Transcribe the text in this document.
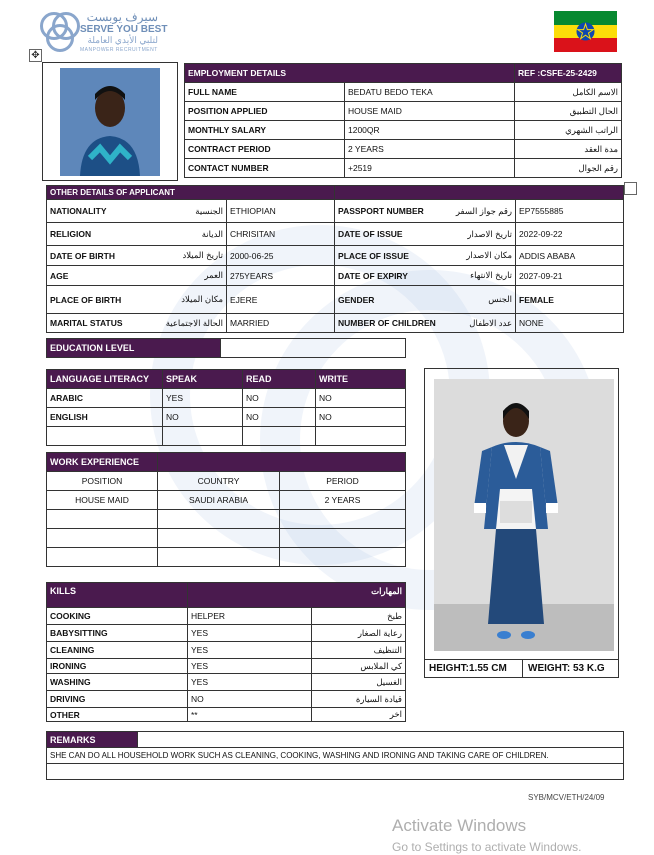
سيرف يوبست
SERVE YOU BEST
لتلبي الأيدي العاملة
MANPOWER RECRUITMENT
✥
EMPLOYMENT DETAILS		REF :CSFE-25-2429
FULL NAME	BEDATU BEDO TEKA	الاسم الكامل
POSITION APPLIED	HOUSE MAID	الحال التطبيق
MONTHLY SALARY	1200QR	الراتب الشهري
CONTRACT PERIOD	2 YEARS	مدة العقد
CONTACT NUMBER	+2519	رقم الجوال
OTHER DETAILS OF APPLICANT					
NATIONALITY	الجنسية	ETHIOPIAN	PASSPORT NUMBER	رقم جواز السفر	EP7555885
RELIGION	الديانة	CHRISITAN	DATE OF ISSUE	تاريخ الاصدار	2022-09-22
DATE OF BIRTH	تاريخ الميلاد	2000-06-25	PLACE OF ISSUE	مكان الاصدار	ADDIS ABABA
AGE	العمر	275YEARS	DATE OF EXPIRY	تاريخ الانتهاء	2027-09-21
PLACE OF BIRTH	مكان الميلاد	EJERE	GENDER	الجنس	FEMALE
MARITAL STATUS	الحالة الاجتماعية	MARRIED	NUMBER OF CHILDREN	عدد الاطفال	NONE
EDUCATION LEVEL	
LANGUAGE LITERACY	SPEAK	READ	WRITE
ARABIC	YES	NO	NO
ENGLISH	NO	NO	NO

WORK EXPERIENCE		
POSITION	COUNTRY	PERIOD
HOUSE MAID	SAUDI ARABIA	2 YEARS

KILLS	المهارات	
COOKING	HELPER	طبخ
BABYSITTING	YES	رعاية الصغار
CLEANING	YES	التنظيف
IRONING	YES	كي الملابس
WASHING	YES	الغسيل
DRIVING	NO	قيادة السيارة
OTHER	**	اخر
HEIGHT:1.55 CM WEIGHT: 53 K.G
REMARKS	
SHE CAN DO ALL HOUSEHOLD WORK SUCH AS CLEANING, COOKING, WASHING AND IRONING AND TAKING CARE OF CHILDREN.

SYB/MCV/ETH/24/09
Activate Windows
Go to Settings to activate Windows.
